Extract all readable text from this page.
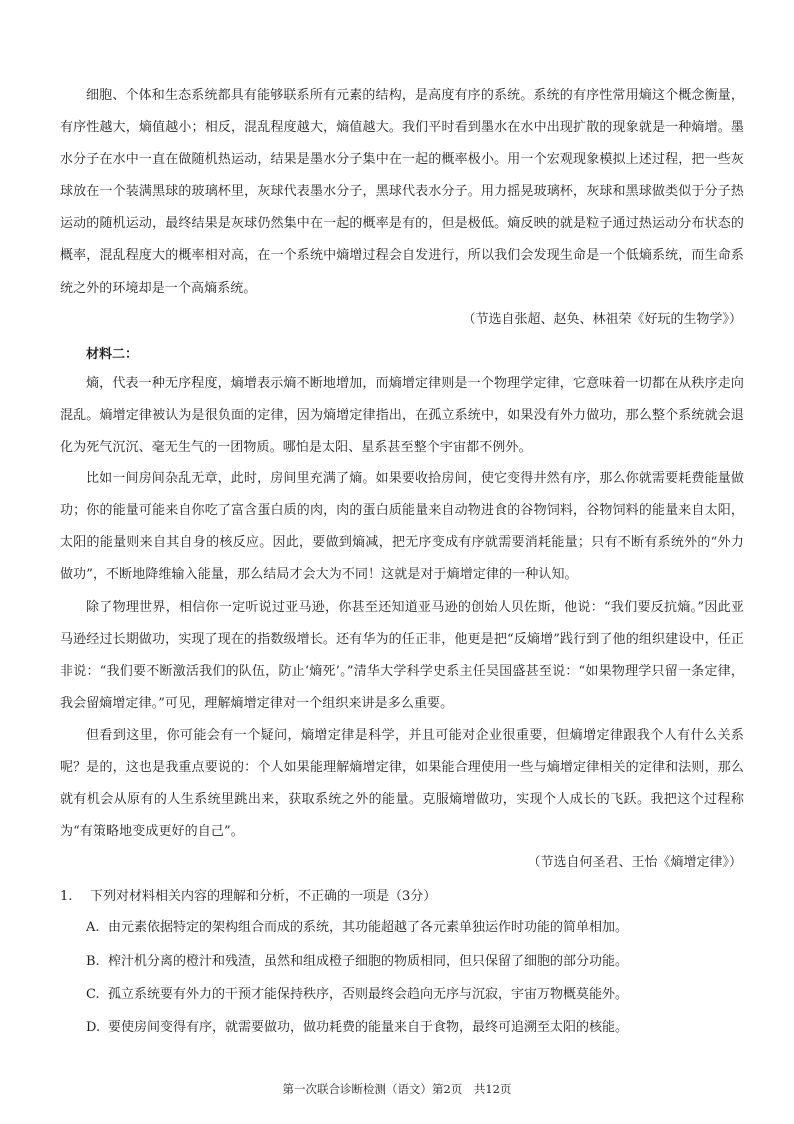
细胞、个体和生态系统都具有能够联系所有元素的结构，是高度有序的系统。系统的有序性常用熵这个概念衡量，有序性越大，熵值越小；相反，混乱程度越大，熵值越大。我们平时看到墨水在水中出现扩散的现象就是一种熵增。墨水分子在水中一直在做随机热运动，结果是墨水分子集中在一起的概率极小。用一个宏观现象模拟上述过程，把一些灰球放在一个装满黑球的玻璃杯里，灰球代表墨水分子，黑球代表水分子。用力摇晃玻璃杯，灰球和黑球做类似于分子热运动的随机运动，最终结果是灰球仍然集中在一起的概率是有的，但是极低。熵反映的就是粒子通过热运动分布状态的概率，混乱程度大的概率相对高，在一个系统中熵增过程会自发进行，所以我们会发现生命是一个低熵系统，而生命系统之外的环境却是一个高熵系统。

（节选自张超、赵奂、林祖荣《好玩的生物学》）
材料二：

熵，代表一种无序程度，熵增表示熵不断地增加，而熵增定律则是一个物理学定律，它意味着一切都在从秩序走向混乱。熵增定律被认为是很负面的定律，因为熵增定律指出，在孤立系统中，如果没有外力做功，那么整个系统就会退化为死气沉沉、毫无生气的一团物质。哪怕是太阳、星系甚至整个宇宙都不例外。

比如一间房间杂乱无章，此时，房间里充满了熵。如果要收拾房间，使它变得井然有序，那么你就需要耗费能量做功；你的能量可能来自你吃了富含蛋白质的肉，肉的蛋白质能量来自动物进食的谷物饲料，谷物饲料的能量来自太阳，太阳的能量则来自其自身的核反应。因此，要做到熵减，把无序变成有序就需要消耗能量；只有不断有系统外的“外力做功”，不断地降维输入能量，那么结局才会大为不同！这就是对于熵增定律的一种认知。

除了物理世界，相信你一定听说过亚马逊，你甚至还知道亚马逊的创始人贝佐斯，他说：“我们要反抗熵。”因此亚马逊经过长期做功，实现了现在的指数级增长。还有华为的任正非，他更是把“反熵增”践行到了他的组织建设中，任正非说：“我们要不断激活我们的队伍，防止‘熵死’。”清华大学科学史系主任吴国盛甚至说：“如果物理学只留一条定律，我会留熵增定律。”可见，理解熵增定律对一个组织来讲是多么重要。

但看到这里，你可能会有一个疑问，熵增定律是科学，并且可能对企业很重要，但熵增定律跟我个人有什么关系呢？是的，这也是我重点要说的：个人如果能理解熵增定律，如果能合理使用一些与熵增定律相关的定律和法则，那么就有机会从原有的人生系统里跳出来，获取系统之外的能量。克服熵增做功，实现个人成长的飞跃。我把这个过程称为“有策略地变成更好的自己”。

（节选自何圣君、王怡《熵增定律》）
1. 下列对材料相关内容的理解和分析，不正确的一项是（3分）
A. 由元素依据特定的架构组合而成的系统，其功能超越了各元素单独运作时功能的简单相加。
B. 榨汁机分离的橙汁和残渣，虽然和组成橙子细胞的物质相同，但只保留了细胞的部分功能。
C. 孤立系统要有外力的干预才能保持秩序，否则最终会趋向无序与沉寂，宇宙万物概莫能外。
D. 要使房间变得有序，就需要做功，做功耗费的能量来自于食物，最终可追溯至太阳的核能。
第一次联合诊断检测（语文）第2页　共12页
